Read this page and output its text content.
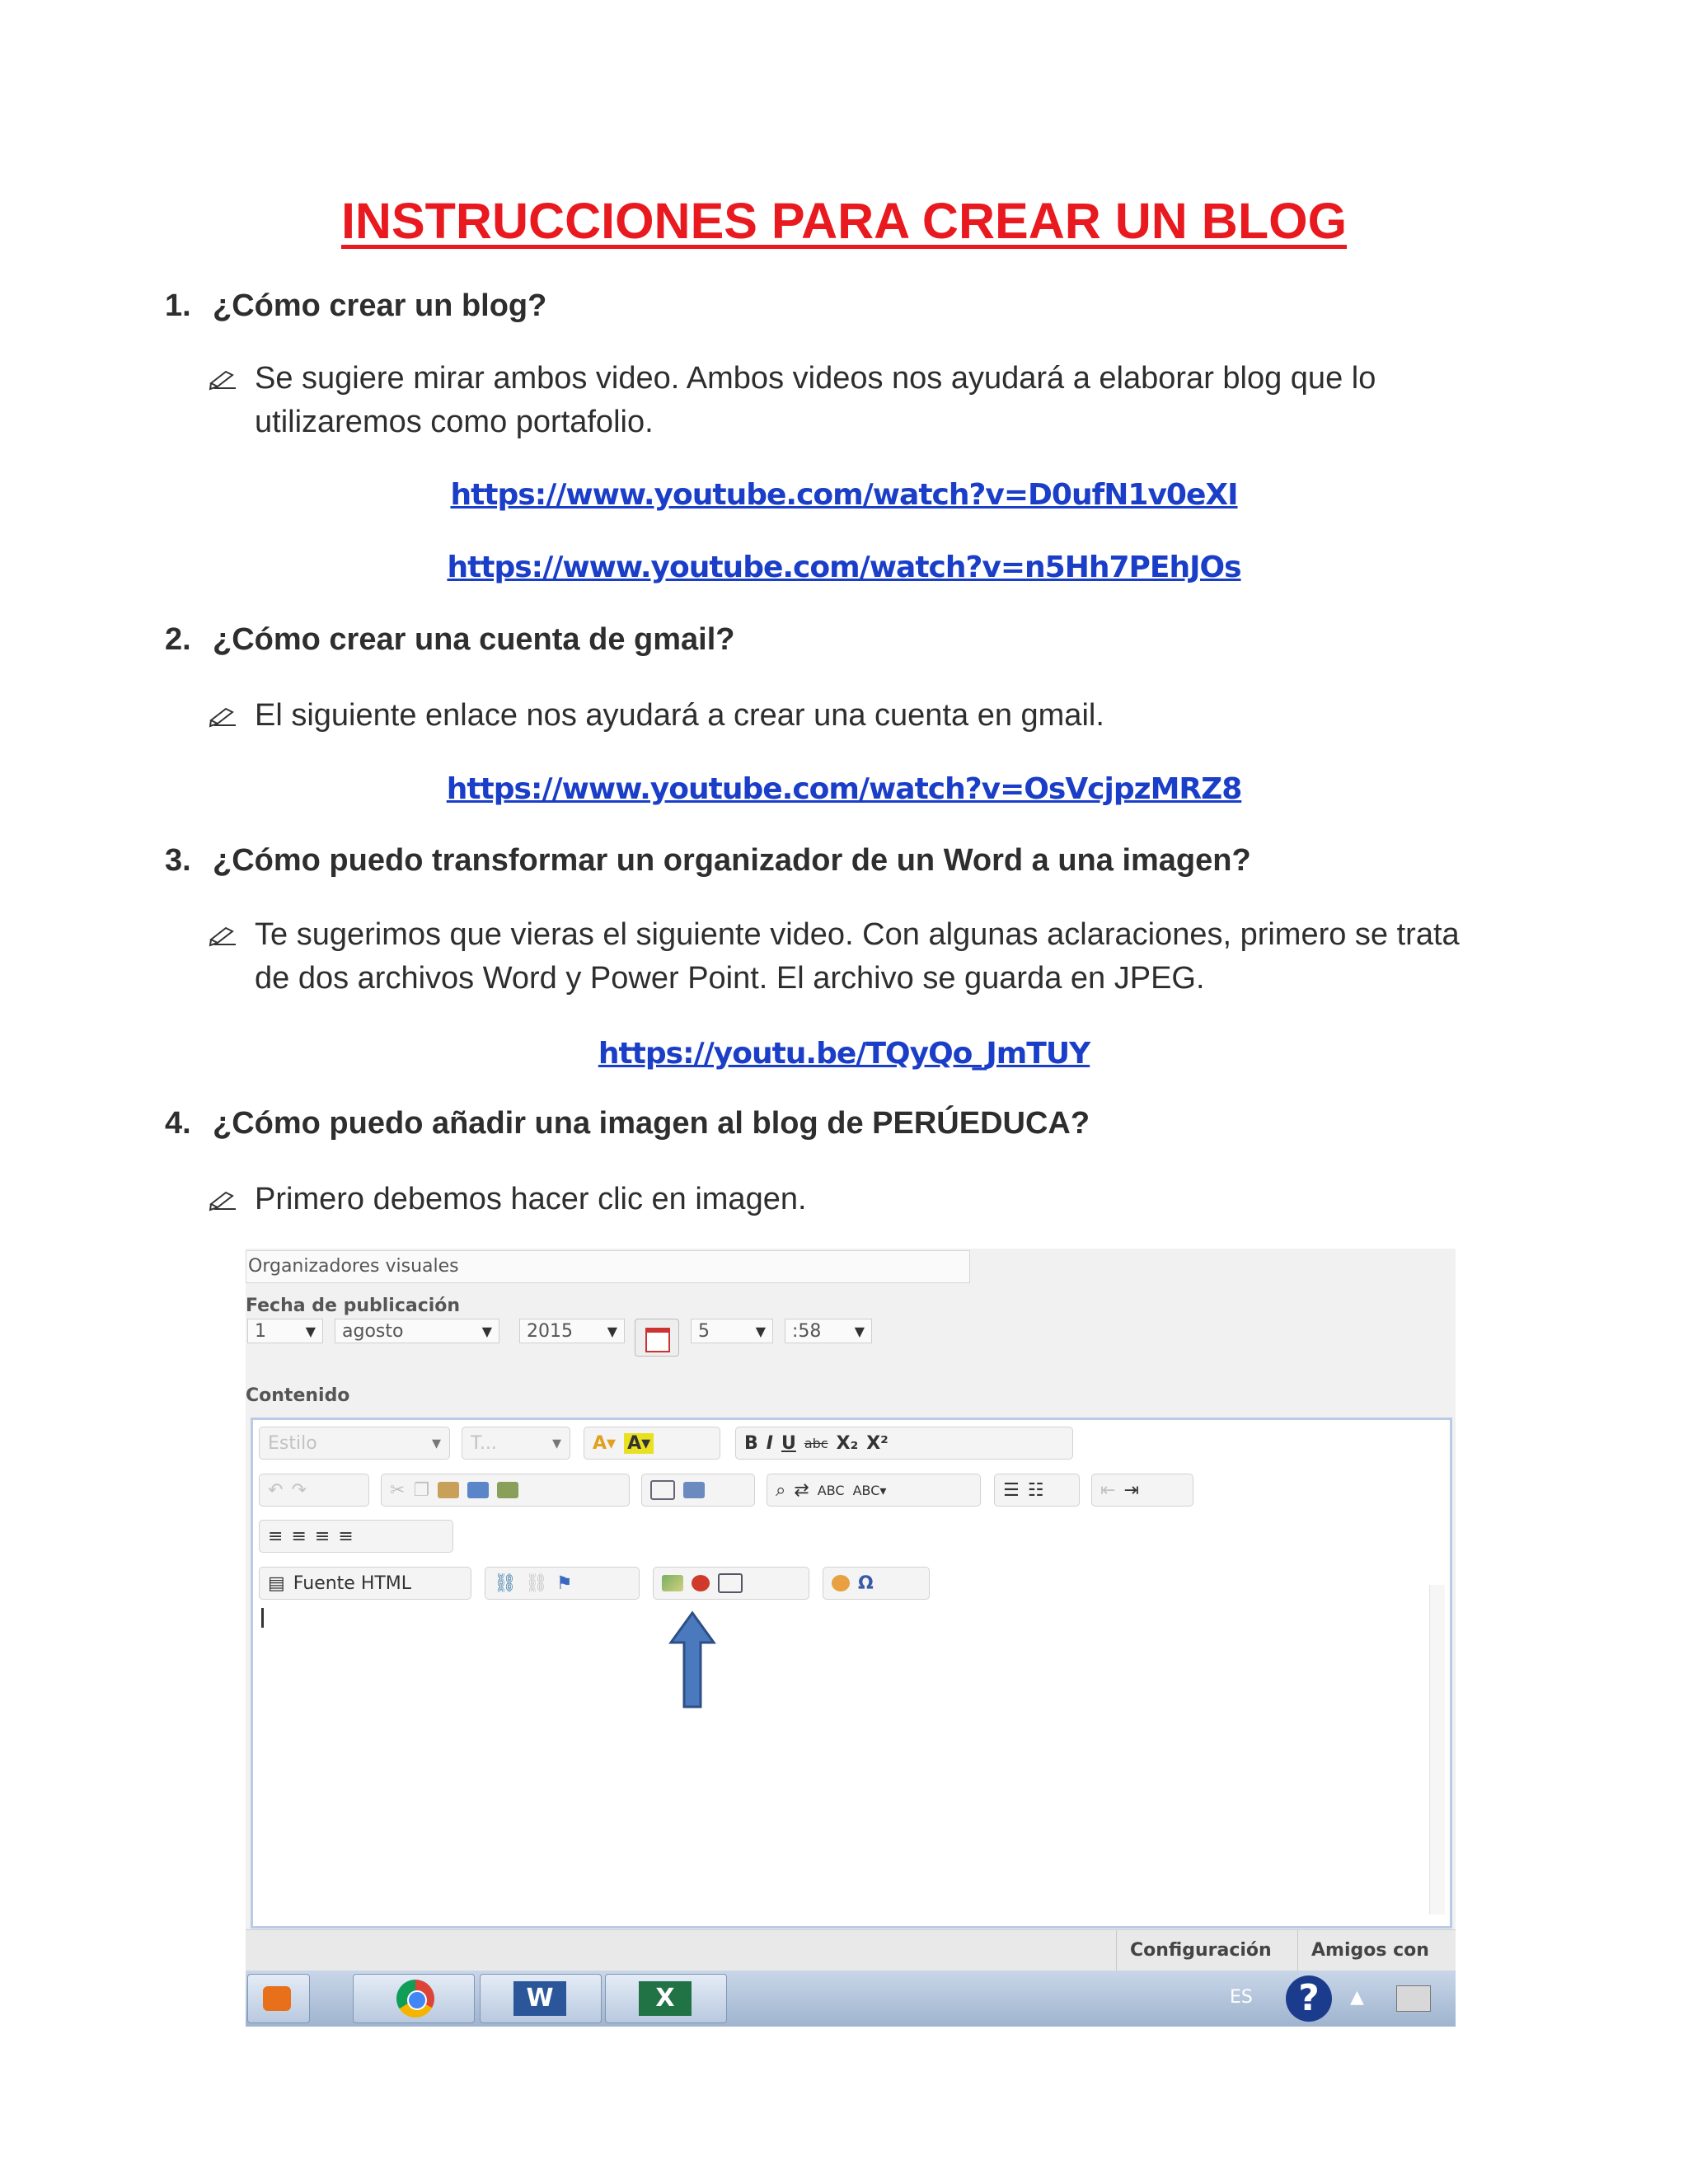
INSTRUCCIONES PARA CREAR UN BLOG
1. ¿Cómo crear un blog?
Se sugiere mirar ambos video. Ambos videos nos ayudará a elaborar blog que lo
utilizaremos como portafolio.
https://www.youtube.com/watch?v=D0ufN1v0eXI
https://www.youtube.com/watch?v=n5Hh7PEhJOs
2. ¿Cómo crear una cuenta de gmail?
El siguiente enlace nos ayudará a crear una cuenta en gmail.
https://www.youtube.com/watch?v=OsVcjpzMRZ8
3. ¿Cómo puedo transformar un organizador de un Word a una imagen?
Te sugerimos que vieras el siguiente video. Con algunas aclaraciones, primero se trata
de dos archivos Word y Power Point. El archivo se guarda en JPEG.
https://youtu.be/TQyQo_JmTUY
4. ¿Cómo puedo añadir una imagen al blog de PERÚEDUCA?
Primero debemos hacer clic en imagen.
Organizadores visuales
Fecha de publicación
1	▼	agosto	▼	2015	▼	5	▼	:58	▼
Contenido
Estilo	▾ T...	▾ A▾ A▾	B I U abc X₂ X²
↶ ↷	✂ ❐	⌕ ⇄ ABC ABC▾	☰ ☷	⇤ ⇥
≡ ≡ ≡ ≡
▤ Fuente HTML	⛓ ⛓ ⚑	Ω
Configuración	Amigos con
W	X	ES	?	▲
